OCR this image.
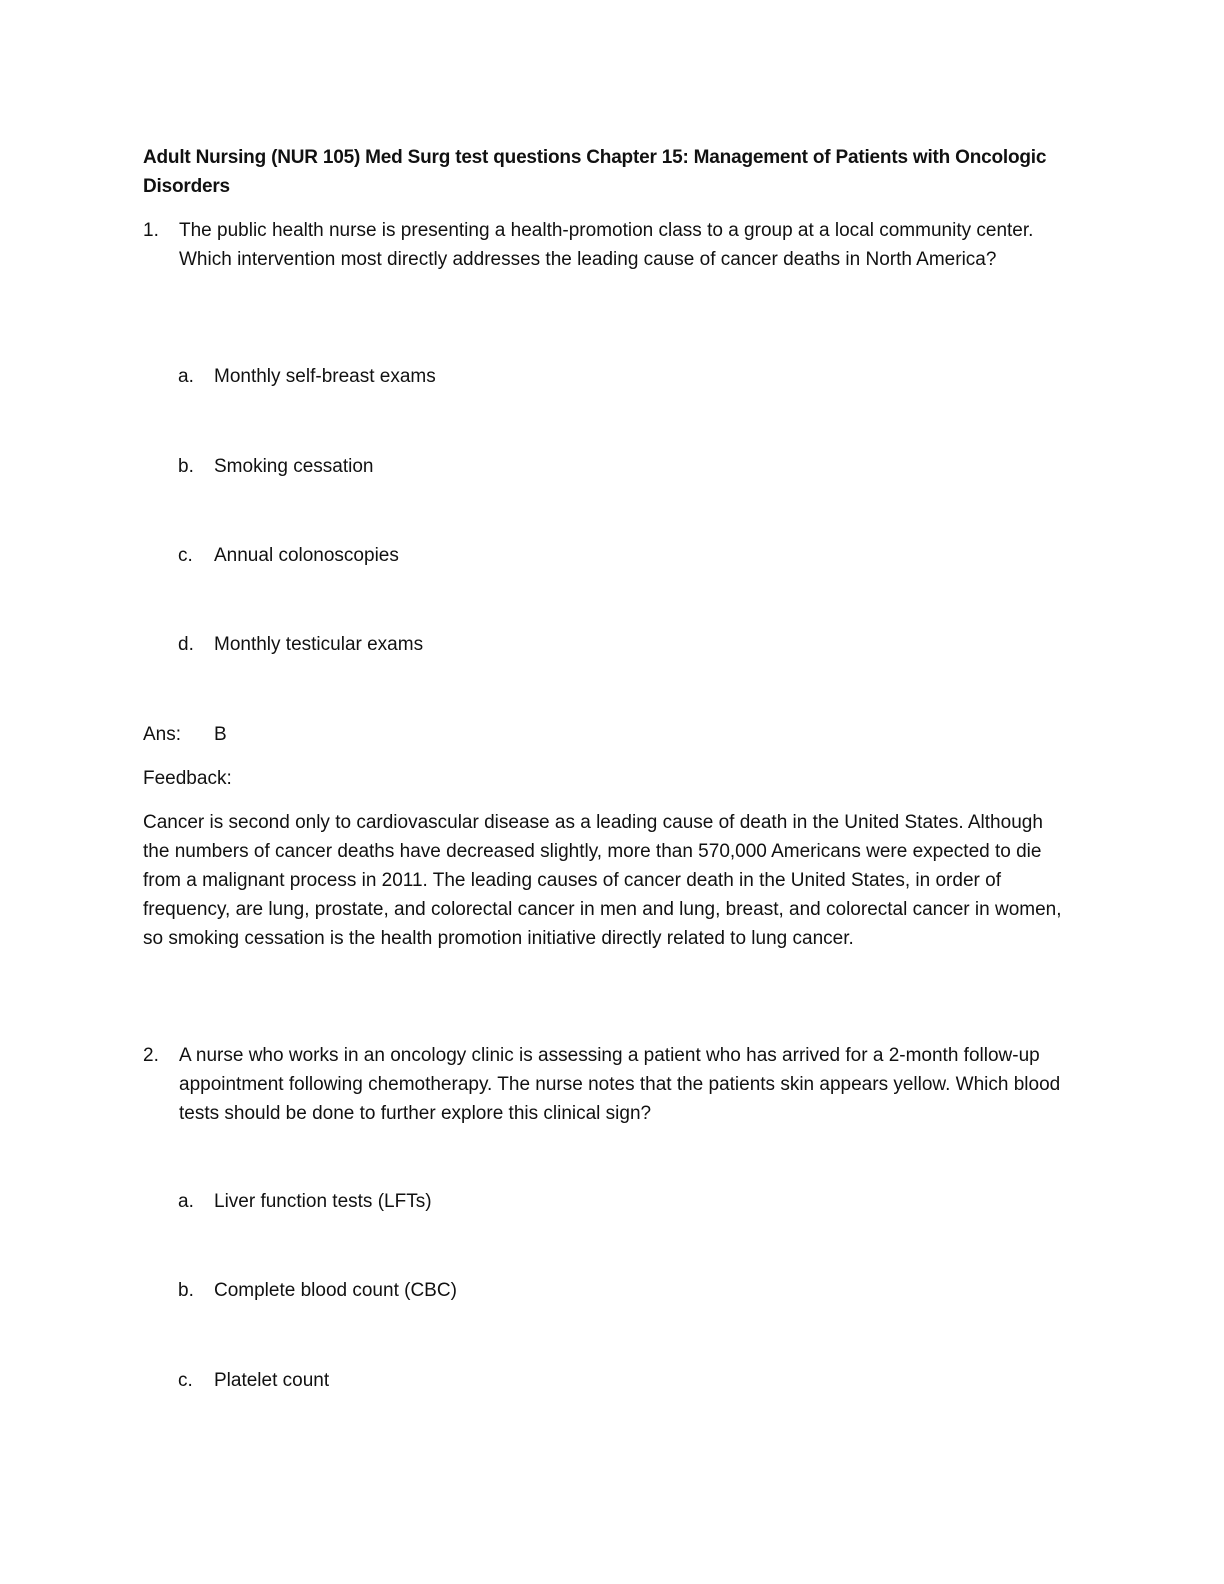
Adult Nursing (NUR 105) Med Surg test questions Chapter 15: Management of Patients with Oncologic Disorders
1. The public health nurse is presenting a health-promotion class to a group at a local community center. Which intervention most directly addresses the leading cause of cancer deaths in North America?
a. Monthly self-breast exams
b. Smoking cessation
c. Annual colonoscopies
d. Monthly testicular exams
Ans: B
Feedback:
Cancer is second only to cardiovascular disease as a leading cause of death in the United States. Although the numbers of cancer deaths have decreased slightly, more than 570,000 Americans were expected to die from a malignant process in 2011. The leading causes of cancer death in the United States, in order of frequency, are lung, prostate, and colorectal cancer in men and lung, breast, and colorectal cancer in women, so smoking cessation is the health promotion initiative directly related to lung cancer.
2. A nurse who works in an oncology clinic is assessing a patient who has arrived for a 2-month follow-up appointment following chemotherapy. The nurse notes that the patients skin appears yellow. Which blood tests should be done to further explore this clinical sign?
a. Liver function tests (LFTs)
b. Complete blood count (CBC)
c. Platelet count
